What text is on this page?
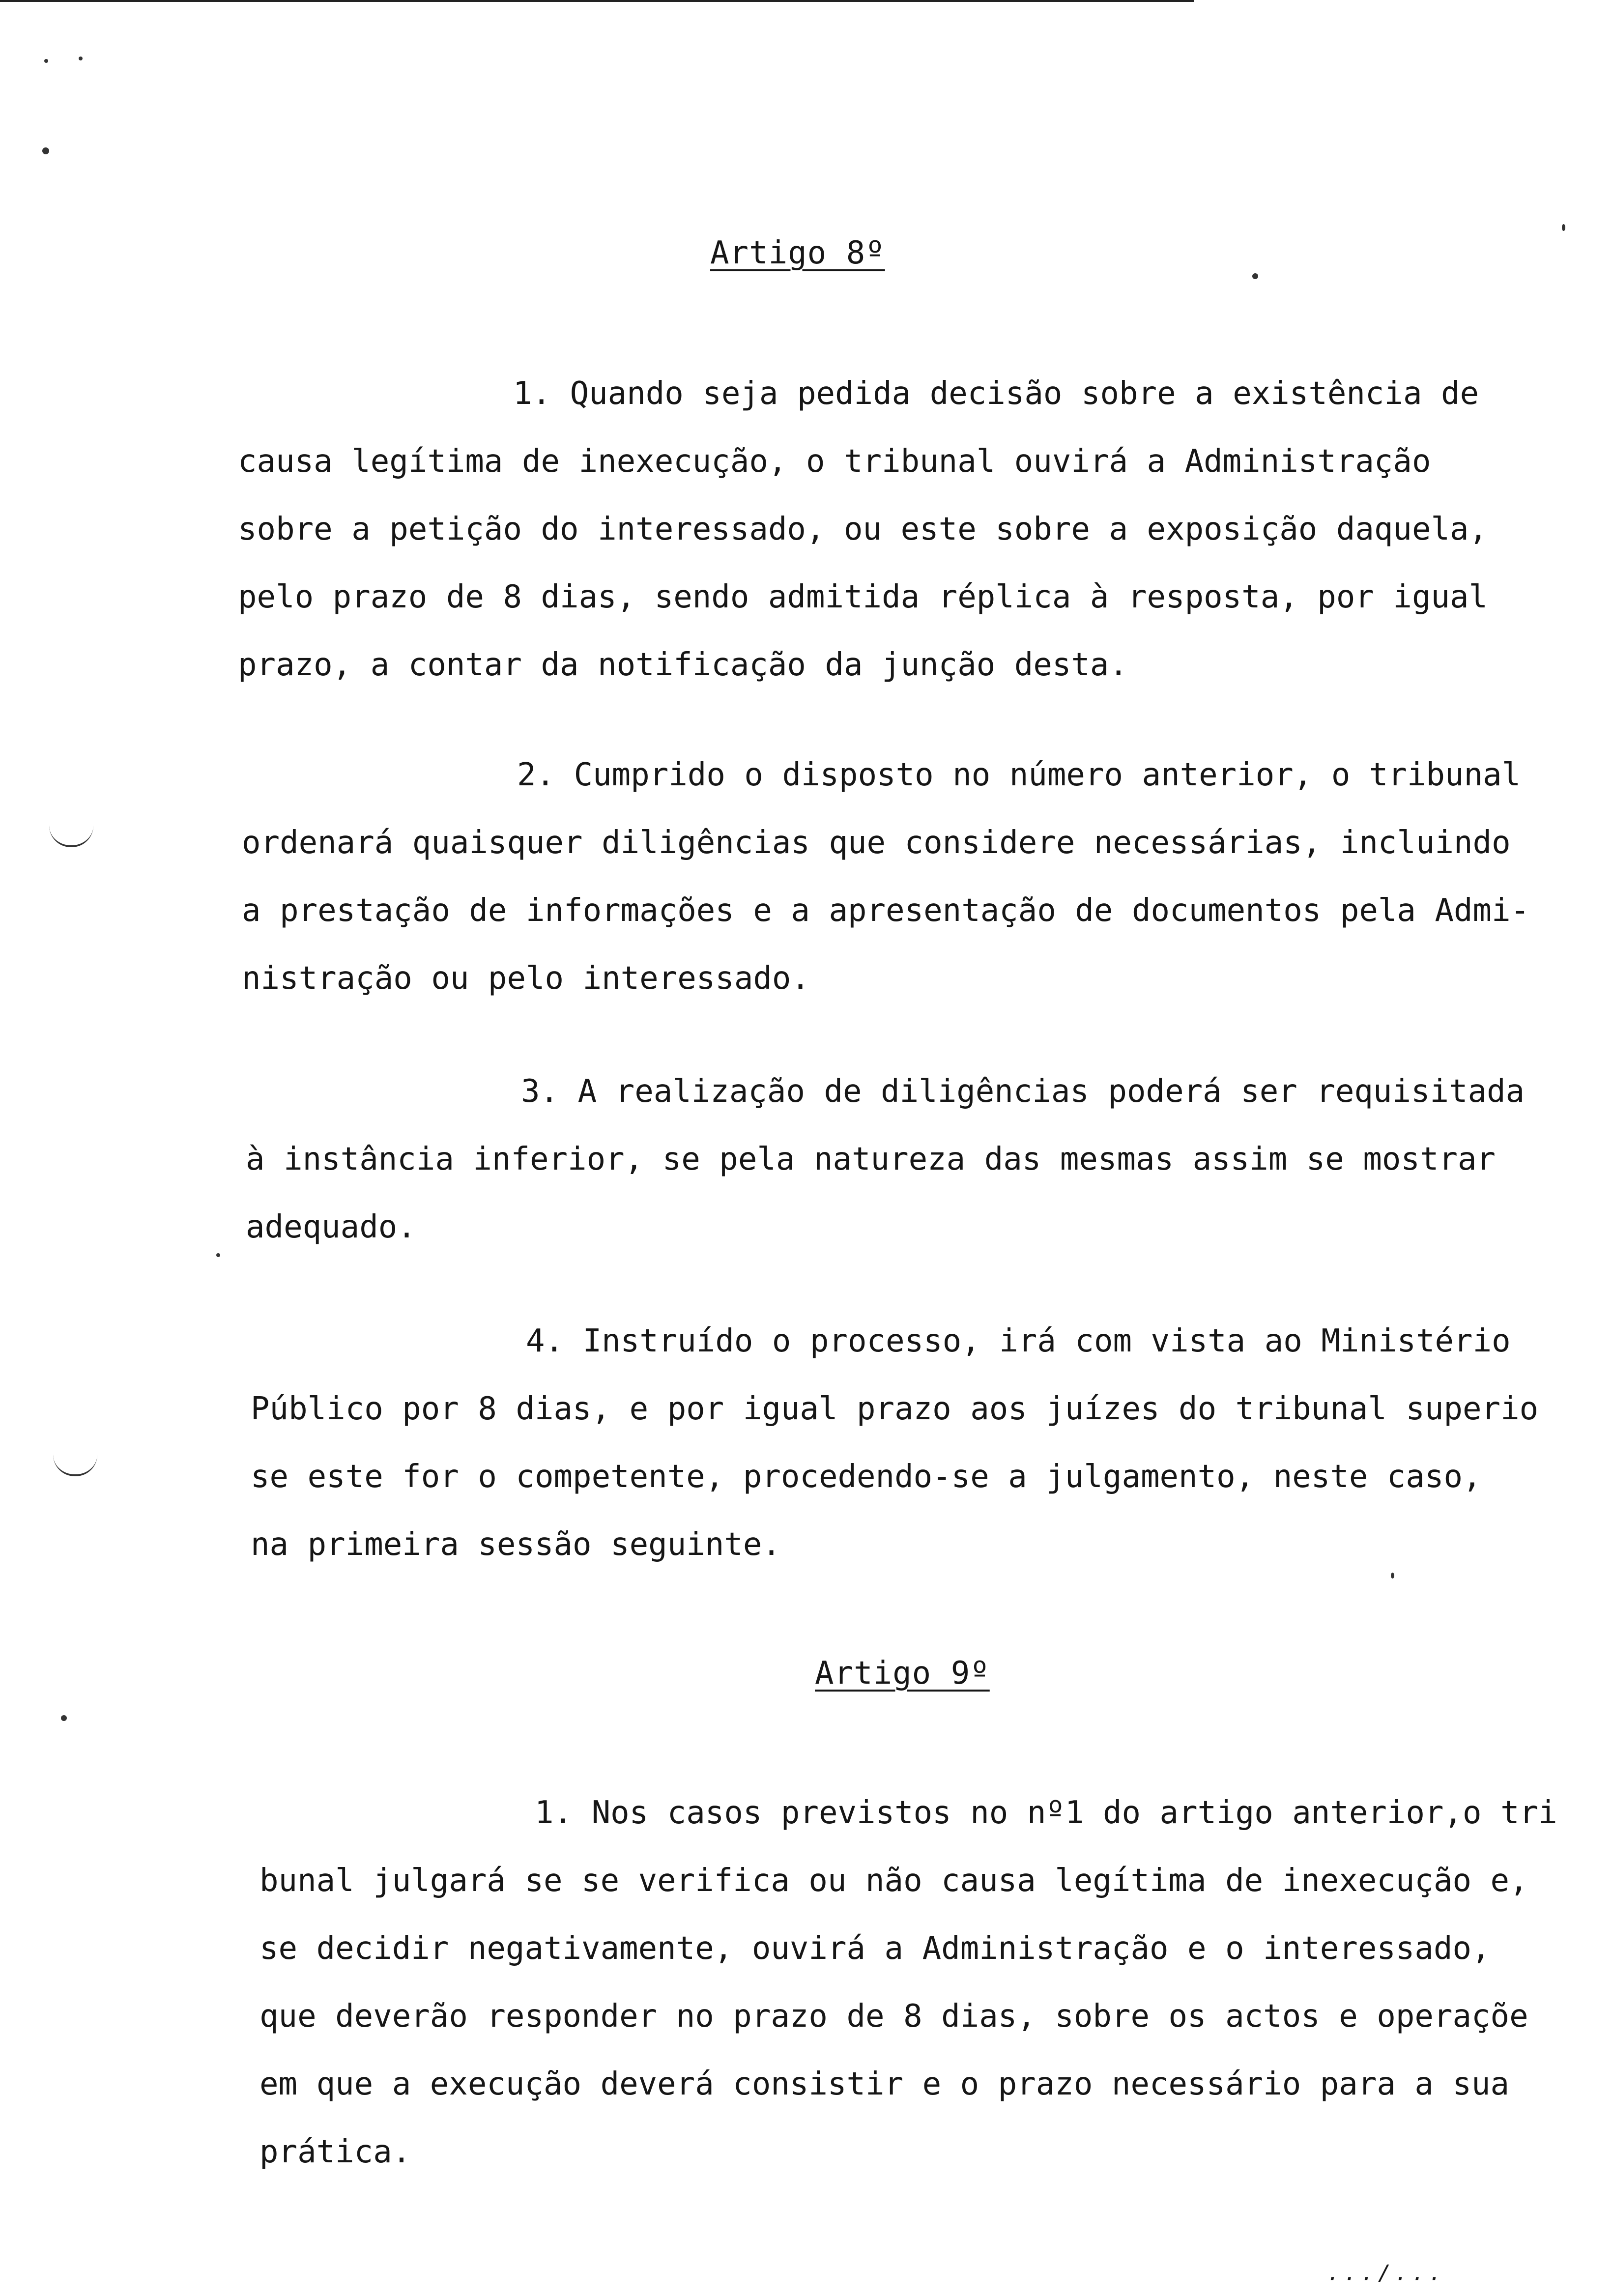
Artigo 8º
1. Quando seja pedida decisão sobre a existência de
causa legítima de inexecução, o tribunal ouvirá a Administração
sobre a petição do interessado, ou este sobre a exposição daquela,
pelo prazo de 8 dias, sendo admitida réplica à resposta, por igual
prazo, a contar da notificação da junção desta.
2. Cumprido o disposto no número anterior, o tribunal
ordenará quaisquer diligências que considere necessárias, incluindo
a prestação de informações e a apresentação de documentos pela Admi-
nistração ou pelo interessado.
3. A realização de diligências poderá ser requisitada
à instância inferior, se pela natureza das mesmas assim se mostrar
adequado.
4. Instruído o processo, irá com vista ao Ministério
Público por 8 dias, e por igual prazo aos juízes do tribunal superio
se este for o competente, procedendo-se a julgamento, neste caso,
na primeira sessão seguinte.
Artigo 9º
1. Nos casos previstos no nº1 do artigo anterior,o tri
bunal julgará se se verifica ou não causa legítima de inexecução e,
se decidir negativamente, ouvirá a Administração e o interessado,
que deverão responder no prazo de 8 dias, sobre os actos e operaçõe
em que a execução deverá consistir e o prazo necessário para a sua
prática.
.../...
